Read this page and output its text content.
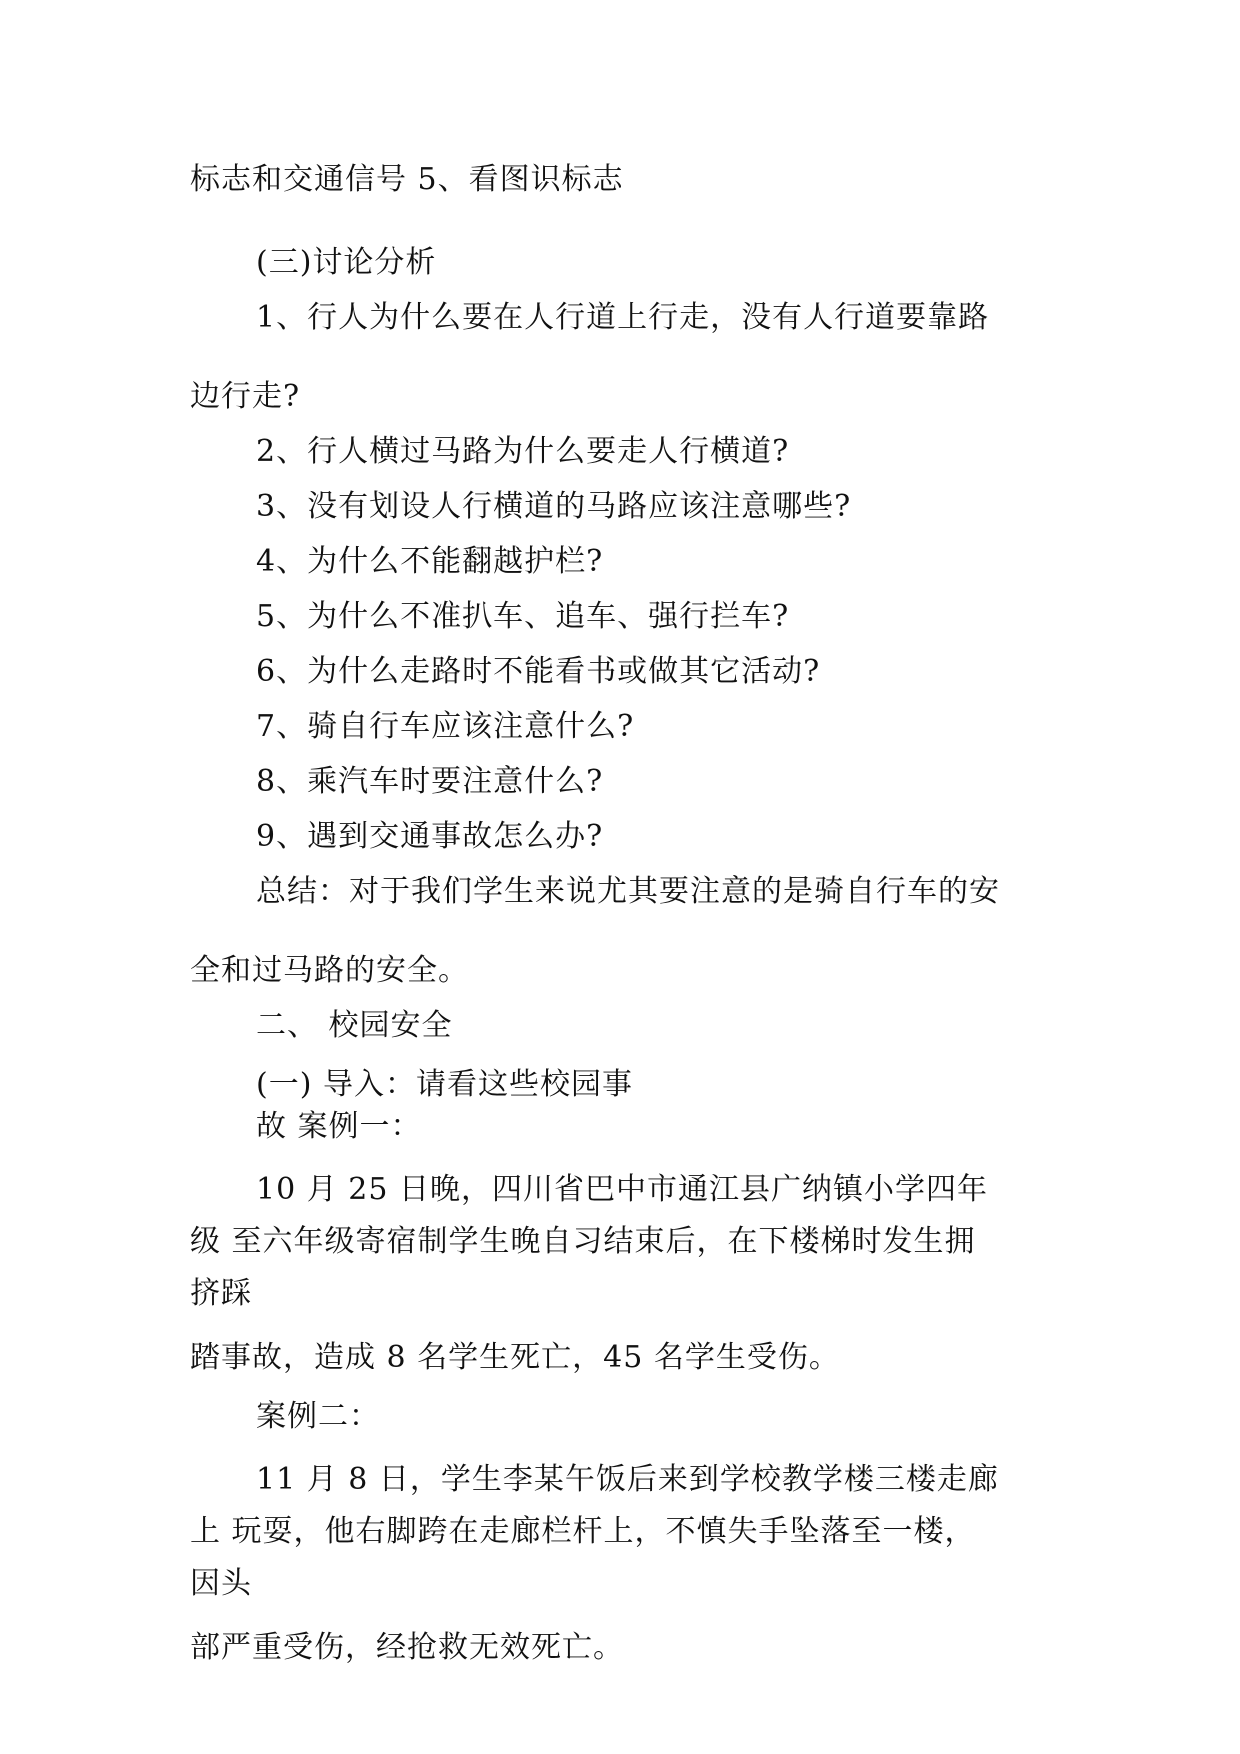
标志和交通信号 5、看图识标志
(三)讨论分析
1、行人为什么要在人行道上行走，没有人行道要靠路
边行走?
2、行人横过马路为什么要走人行横道?
3、没有划设人行横道的马路应该注意哪些?
4、为什么不能翻越护栏?
5、为什么不准扒车、追车、强行拦车?
6、为什么走路时不能看书或做其它活动?
7、骑自行车应该注意什么?
8、乘汽车时要注意什么?
9、遇到交通事故怎么办?
总结：对于我们学生来说尤其要注意的是骑自行车的安
全和过马路的安全。
二、 校园安全
(一) 导入：请看这些校园事
故 案例一：
10 月 25 日晚，四川省巴中市通江县广纳镇小学四年
级 至六年级寄宿制学生晚自习结束后，在下楼梯时发生拥
挤踩
踏事故，造成 8 名学生死亡，45 名学生受伤。
案例二：
11 月 8 日，学生李某午饭后来到学校教学楼三楼走廊
上 玩耍，他右脚跨在走廊栏杆上，不慎失手坠落至一楼，
因头
部严重受伤，经抢救无效死亡。
